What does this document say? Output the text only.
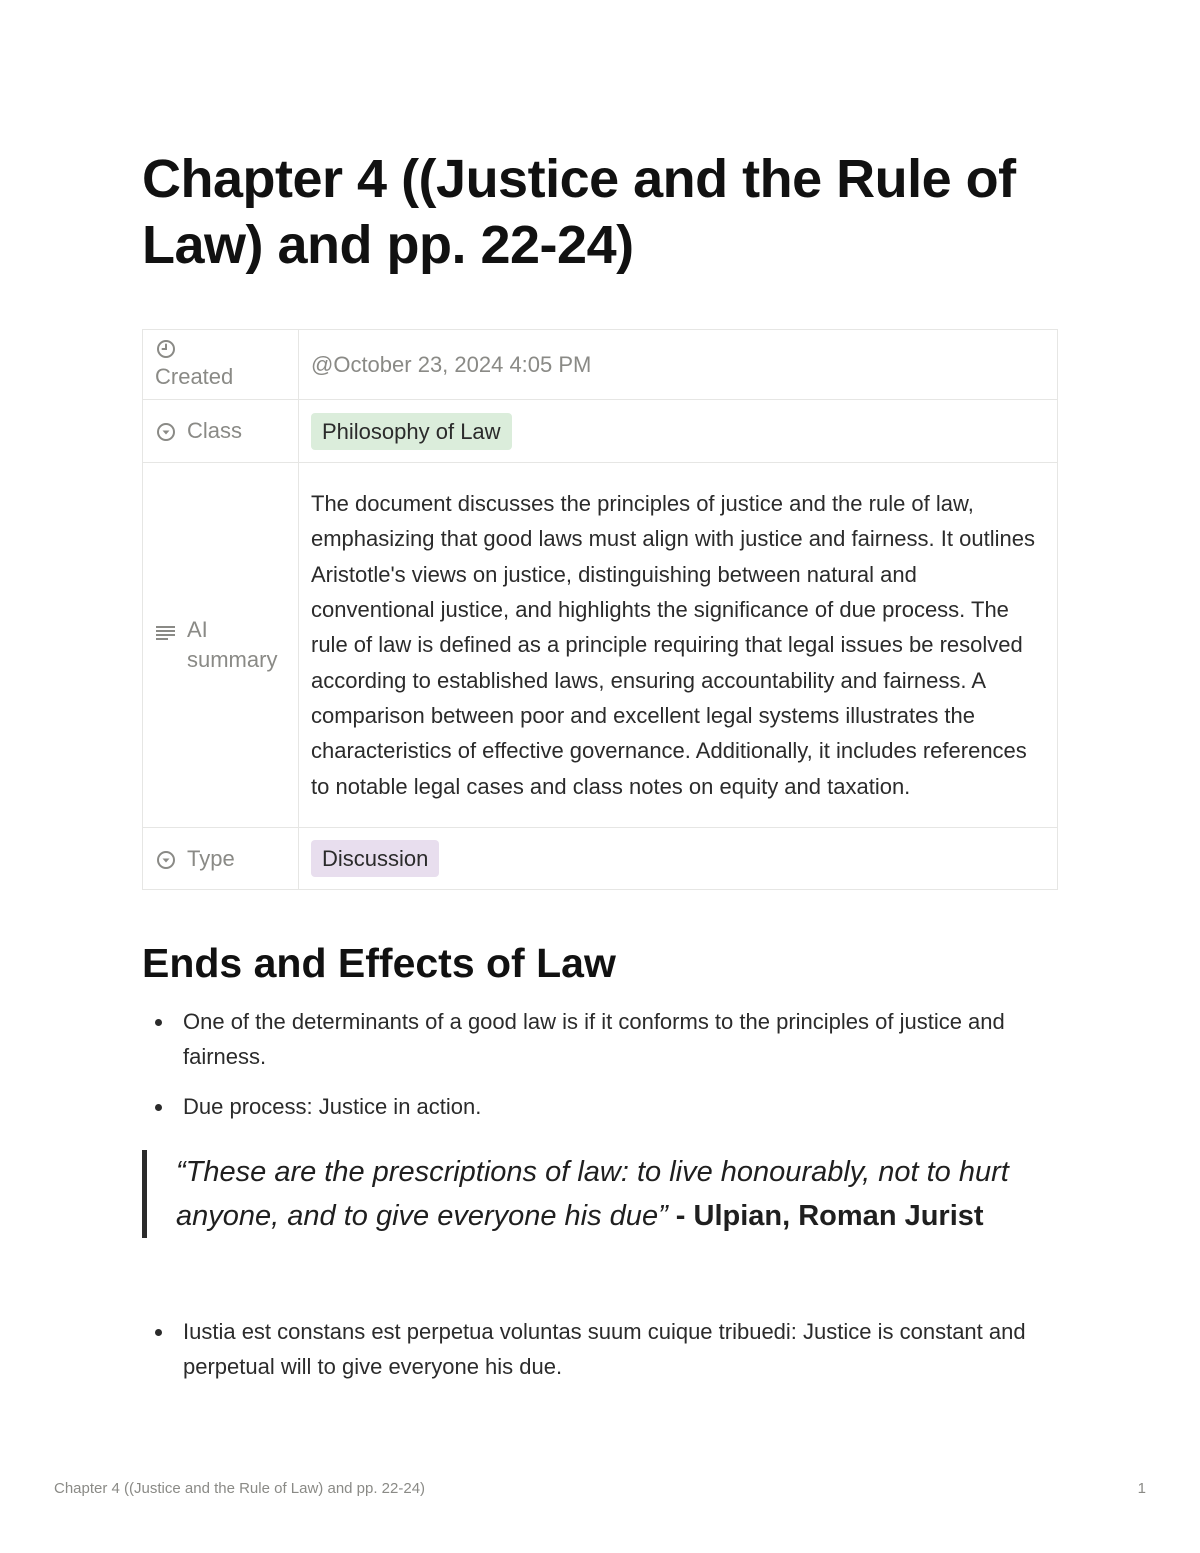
Chapter 4 ((Justice and the Rule of Law) and pp. 22-24)
Created	@October 23, 2024 4:05 PM

Class	Philosophy of Law

AI summary	The document discusses the principles of justice and the rule of law, emphasizing that good laws must align with justice and fairness. It outlines Aristotle's views on justice, distinguishing between natural and conventional justice, and highlights the significance of due process. The rule of law is defined as a principle requiring that legal issues be resolved according to established laws, ensuring accountability and fairness. A comparison between poor and excellent legal systems illustrates the characteristics of effective governance. Additionally, it includes references to notable legal cases and class notes on equity and taxation.

Type	Discussion
Ends and Effects of Law
One of the determinants of a good law is if it conforms to the principles of justice and fairness.
Due process: Justice in action.
“These are the prescriptions of law: to live honourably, not to hurt anyone, and to give everyone his due” - Ulpian, Roman Jurist
Iustia est constans est perpetua voluntas suum cuique tribuedi: Justice is constant and perpetual will to give everyone his due.
Chapter 4 ((Justice and the Rule of Law) and pp. 22-24)	1
